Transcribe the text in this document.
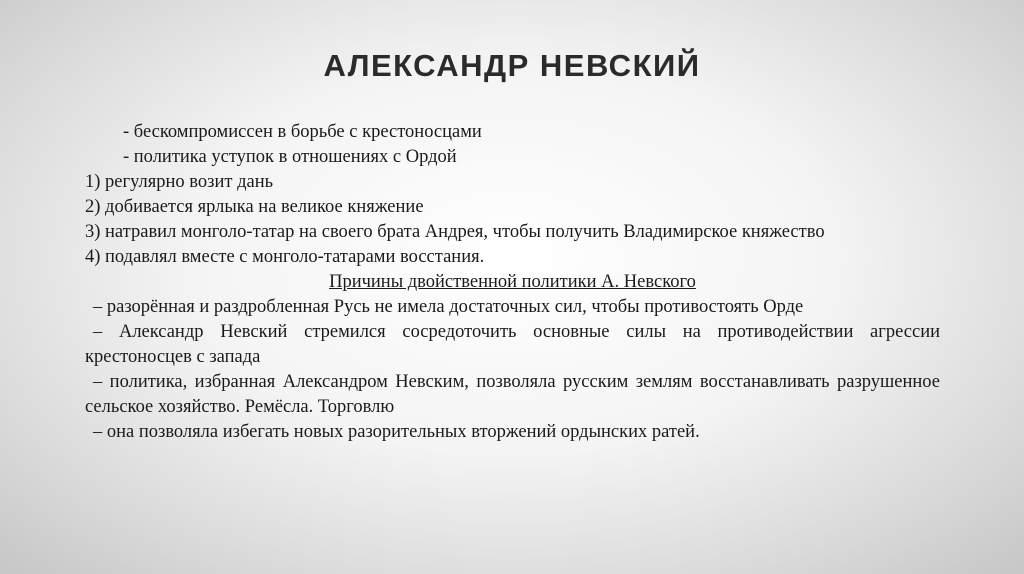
АЛЕКСАНДР НЕВСКИЙ

- бескомпромиссен в борьбе с крестоносцами

- политика уступок в отношениях с Ордой

1) регулярно возит дань

2) добивается ярлыка на великое княжение

3) натравил монголо-татар на своего брата Андрея, чтобы получить Владимирское княжество

4) подавлял вместе с монголо-татарами восстания.

Причины двойственной политики А. Невского

– разорённая и раздробленная Русь не имела достаточных сил, чтобы противостоять Орде

– Александр Невский стремился сосредоточить основные силы на противодействии агрессии крестоносцев с запада

– политика, избранная Александром Невским, позволяла русским землям восстанавливать разрушенное сельское хозяйство. Ремёсла. Торговлю

– она позволяла избегать новых разорительных вторжений ордынских ратей.
